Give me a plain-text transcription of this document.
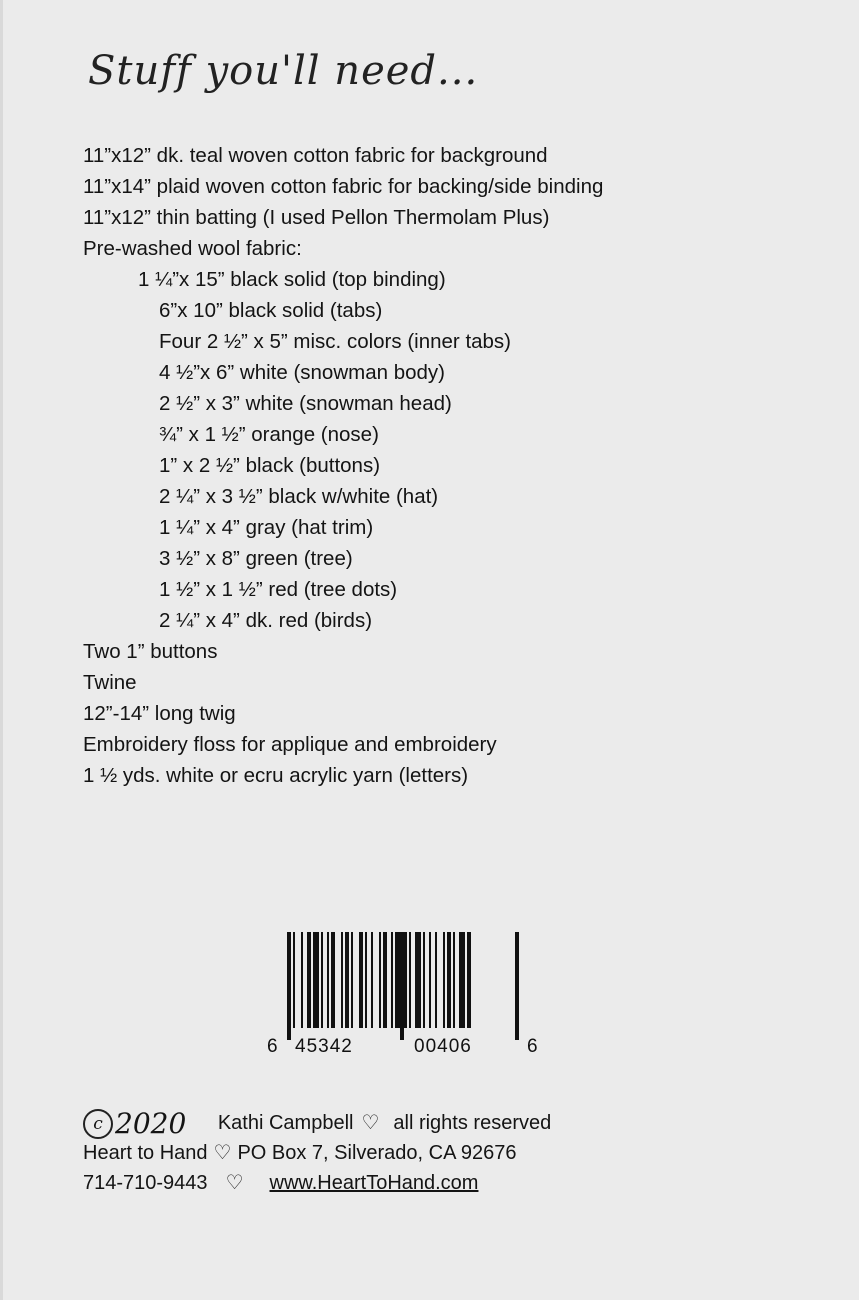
Stuff you'll need...
11”x12” dk. teal woven cotton fabric for background
11”x14” plaid woven cotton fabric for backing/side binding
11”x12” thin batting (I used Pellon Thermolam Plus)
Pre-washed wool fabric:
1 ¼”x 15” black solid (top binding)
6”x 10” black solid (tabs)
Four 2 ½” x 5” misc. colors (inner tabs)
4 ½”x 6” white (snowman body)
2 ½” x 3” white (snowman head)
¾” x 1 ½” orange (nose)
1” x 2 ½” black (buttons)
2 ¼” x 3 ½” black w/white (hat)
1 ¼” x 4” gray (hat trim)
3 ½” x 8” green (tree)
1 ½” x 1 ½” red (tree dots)
2 ¼” x 4” dk. red (birds)
Two 1” buttons
Twine
12”-14” long twig
Embroidery floss for applique and embroidery
1 ½ yds. white or ecru acrylic yarn (letters)
6 45342	00406	6
c 2020 Kathi Campbell ♡ all rights reserved
Heart to Hand ♡ PO Box 7, Silverado, CA 92676
714-710-9443 ♡ www.HeartToHand.com
